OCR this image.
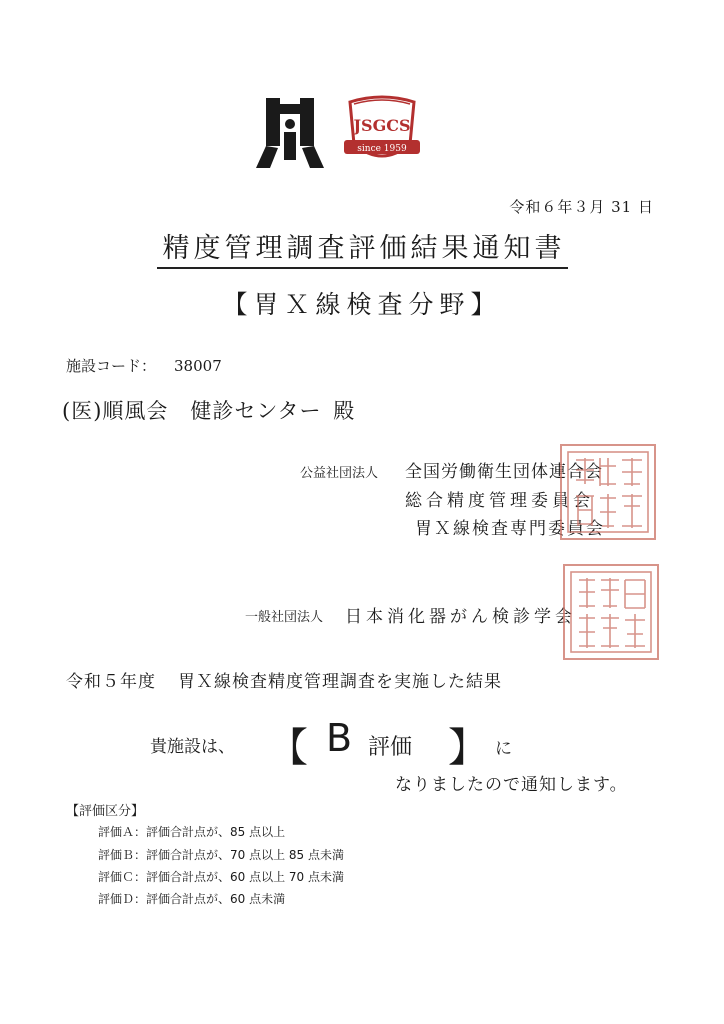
JSGCS
since 1959
令和６年３月 31 日
精度管理調査評価結果通知書
【胃Ｘ線検査分野】
施設コード： 38007
(医)順風会　健診センター 殿
公益社団法人 全国労働衛生団体連合会
総合精度管理委員会
胃Ｘ線検査専門委員会
一般社団法人 日本消化器がん検診学会
令和５年度 胃Ｘ線検査精度管理調査を実施した結果
貴施設は、 【 B 評価 】 に
なりましたので通知します。
【評価区分】
評価Ａ：評価合計点が、85 点以上
評価Ｂ：評価合計点が、70 点以上 85 点未満
評価Ｃ：評価合計点が、60 点以上 70 点未満
評価Ｄ：評価合計点が、60 点未満
